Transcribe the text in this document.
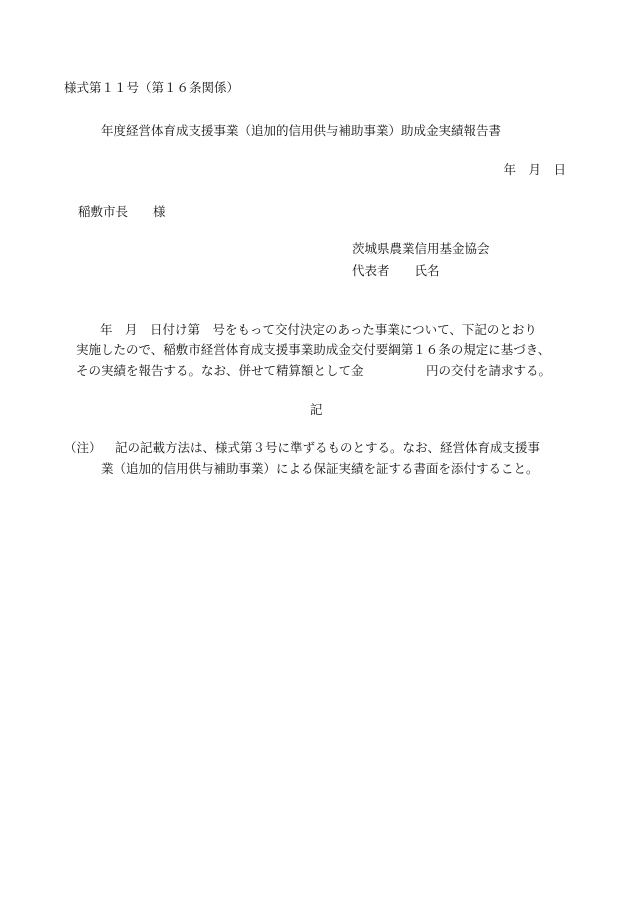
様式第１１号（第１６条関係）
年度経営体育成支援事業（追加的信用供与補助事業）助成金実績報告書
年　月　日
稲敷市長　　様
茨城県農業信用基金協会
代表者　　氏名
年　月　日付け第　号をもって交付決定のあった事業について、下記のとおり
実施したので、稲敷市経営体育成支援事業助成金交付要綱第１６条の規定に基づき、
その実績を報告する。なお、併せて精算額として金　　　　　円の交付を請求する。
記
（注） 記の記載方法は、様式第３号に準ずるものとする。なお、経営体育成支援事
業（追加的信用供与補助事業）による保証実績を証する書面を添付すること。
